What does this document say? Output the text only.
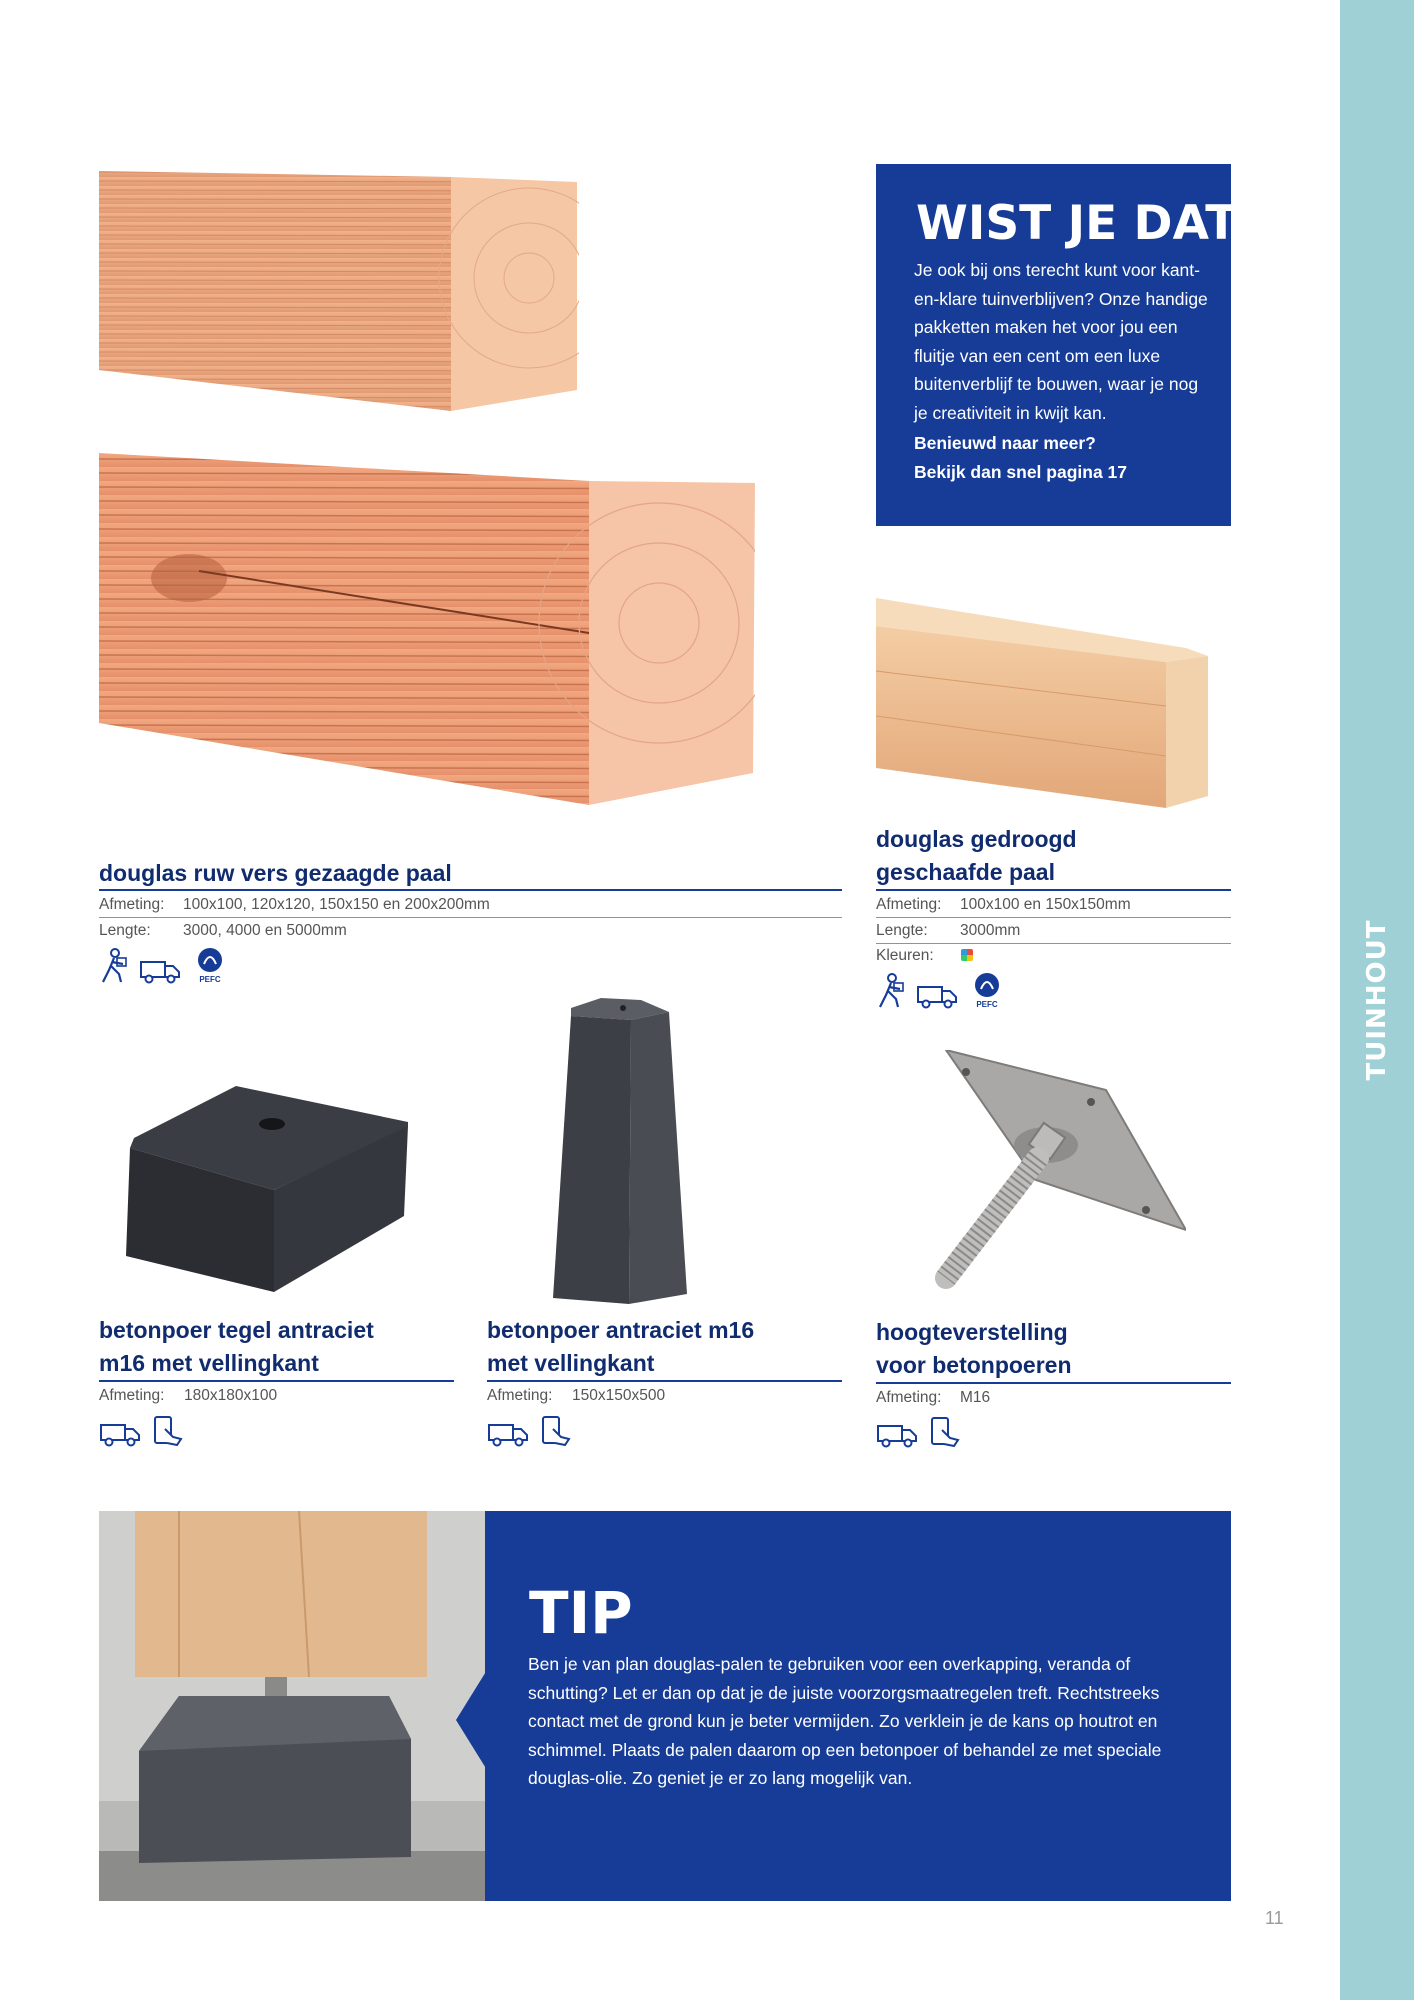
TUINHOUT
WIST JE DAT?
Je ook bij ons terecht kunt voor kant-en-klare tuinverblijven? Onze handige pakketten maken het voor jou een fluitje van een cent om een luxe buitenverblijf te bouwen, waar je nog je creativiteit in kwijt kan.
Benieuwd naar meer?
Bekijk dan snel pagina 17
douglas ruw vers gezaagde paal
Afmeting: 100x100, 120x120, 150x150 en 200x200mm
Lengte: 3000, 4000 en 5000mm
PEFC
douglas gedroogd
geschaafde paal
Afmeting: 100x100 en 150x150mm
Lengte: 3000mm
Kleuren:
PEFC
betonpoer tegel antraciet
m16 met vellingkant
Afmeting: 180x180x100
betonpoer antraciet m16
met vellingkant
Afmeting: 150x150x500
hoogteverstelling
voor betonpoeren
Afmeting: M16
TIP
Ben je van plan douglas-palen te gebruiken voor een overkapping, veranda of schutting? Let er dan op dat je de juiste voorzorgsmaatregelen treft. Rechtstreeks contact met de grond kun je beter vermijden. Zo verklein je de kans op houtrot en schimmel. Plaats de palen daarom op een betonpoer of behandel ze met speciale douglas-olie. Zo geniet je er zo lang mogelijk van.
11
